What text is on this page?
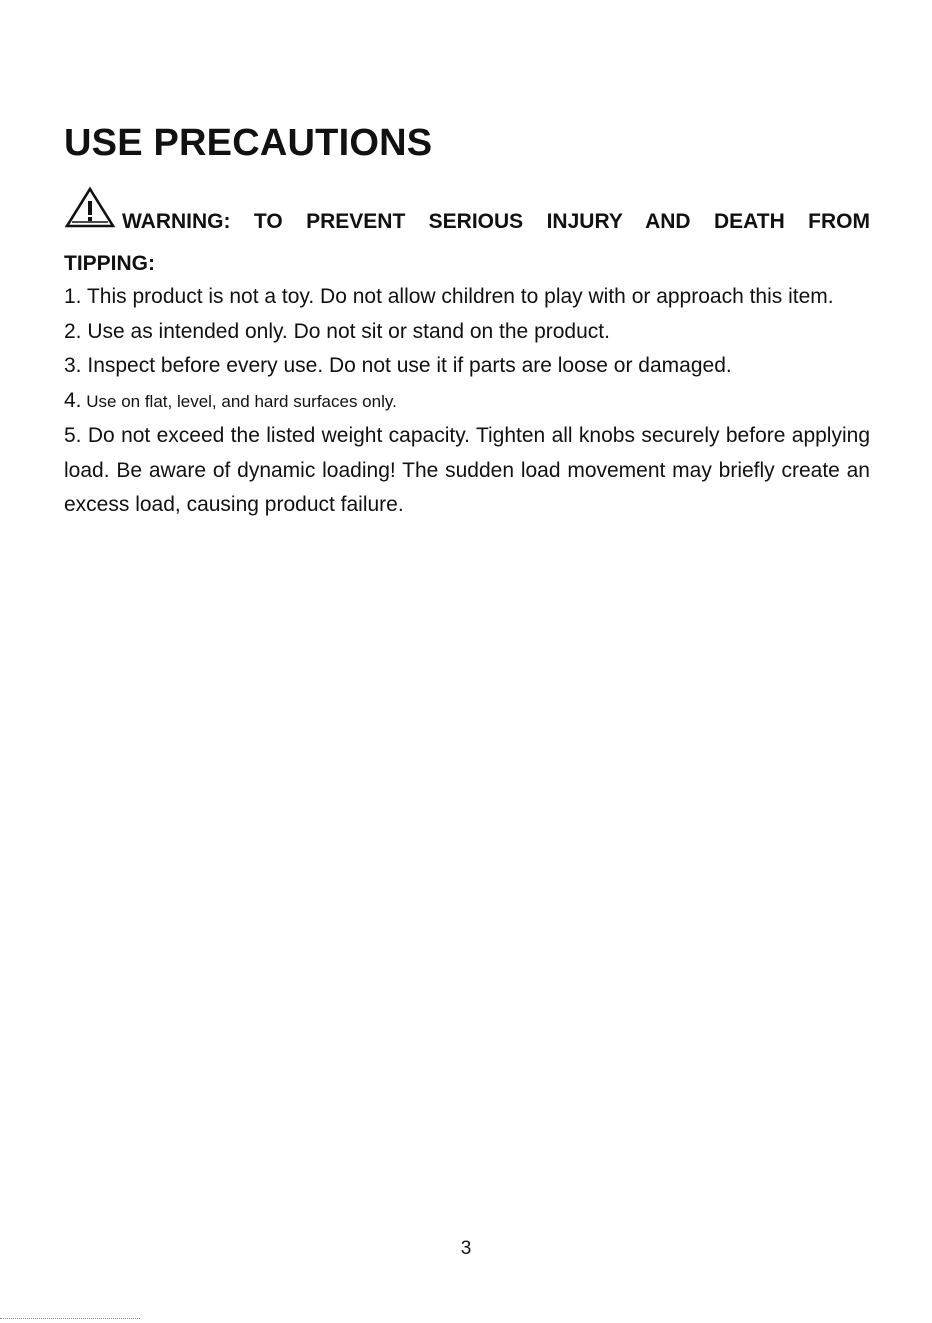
USE PRECAUTIONS
WARNING: TO PREVENT SERIOUS INJURY AND DEATH FROM
TIPPING:

1. This product is not a toy. Do not allow children to play with or approach this item.

2. Use as intended only. Do not sit or stand on the product.

3. Inspect before every use. Do not use it if parts are loose or damaged.

4. Use on flat, level, and hard surfaces only.

5. Do not exceed the listed weight capacity. Tighten all knobs securely before applying load. Be aware of dynamic loading! The sudden load movement may briefly create an excess load, causing product failure.

3
